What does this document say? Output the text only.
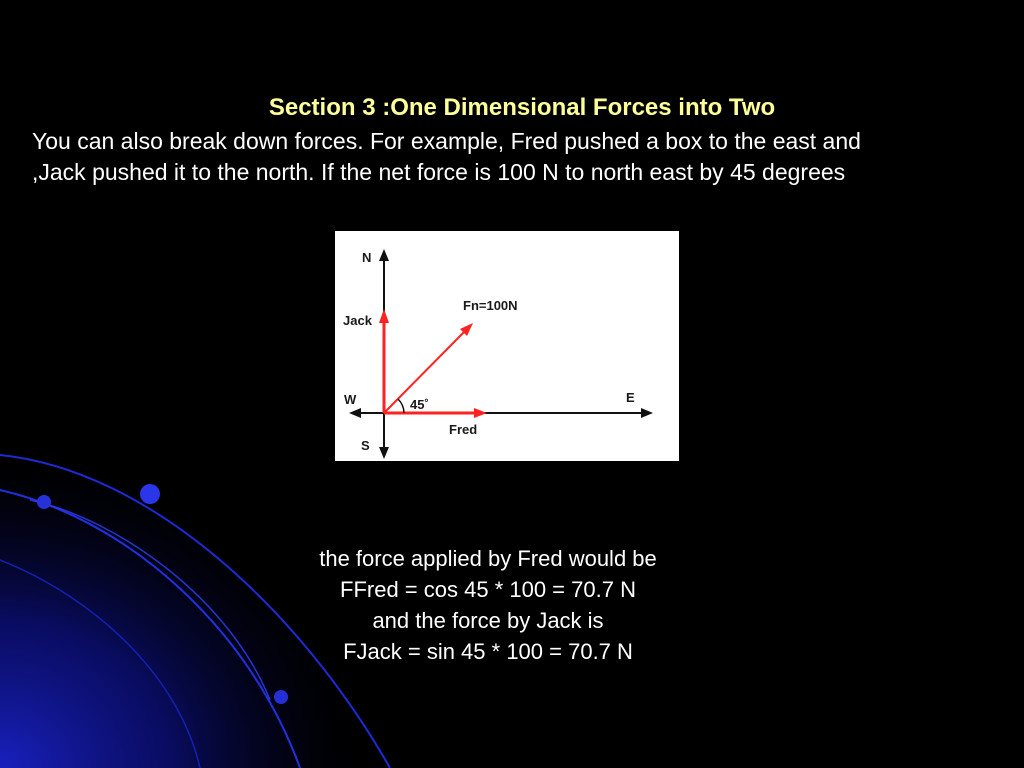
Section 3 :One Dimensional Forces into Two
You can also break down forces. For example, Fred pushed a box to the east and
,Jack pushed it to the north. If the net force is 100 N to north east by 45 degrees
N
Jack
Fn=100N
W	45˚	E
Fred
S
the force applied by Fred would be
FFred = cos 45 * 100 = 70.7 N
and the force by Jack is
FJack = sin 45 * 100 = 70.7 N
